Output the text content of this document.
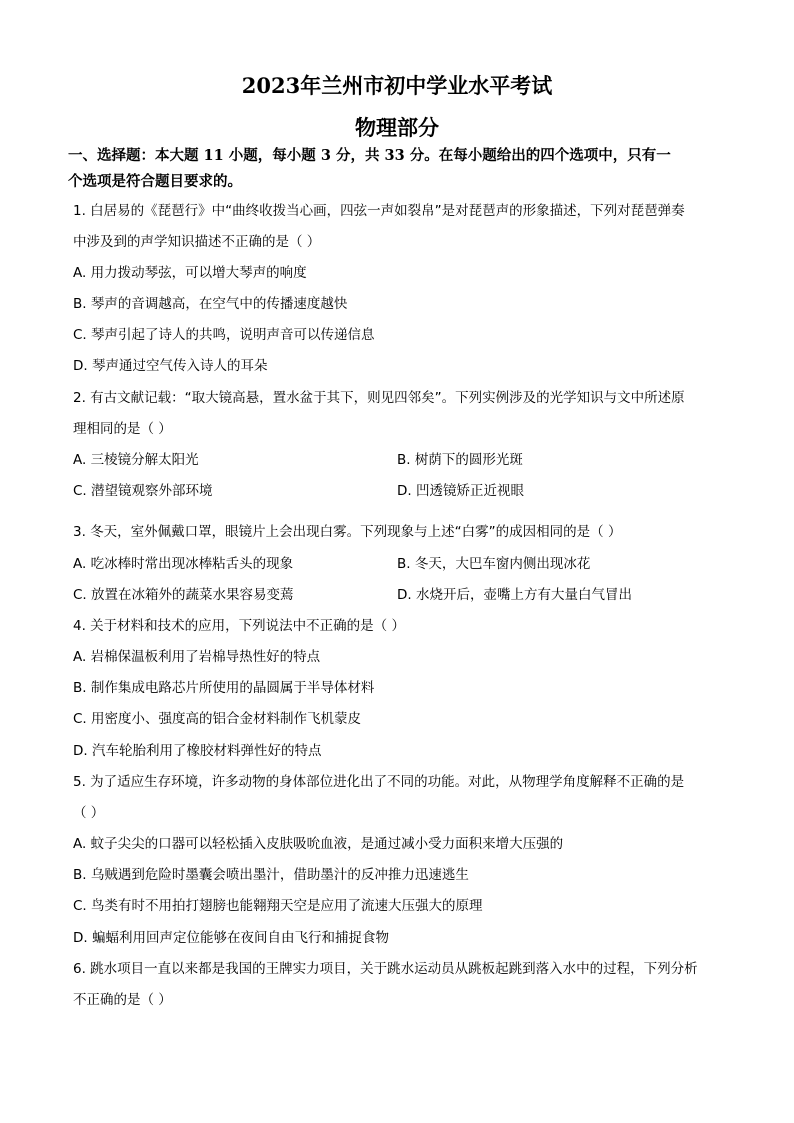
2023年兰州市初中学业水平考试
物理部分
一、选择题：本大题 11 小题，每小题 3 分，共 33 分。在每小题给出的四个选项中，只有一
个选项是符合题目要求的。
1. 白居易的《琵琶行》中“曲终收拨当心画，四弦一声如裂帛”是对琵琶声的形象描述，下列对琵琶弹奏
中涉及到的声学知识描述不正确的是（ ）
A. 用力拨动琴弦，可以增大琴声的响度
B. 琴声的音调越高，在空气中的传播速度越快
C. 琴声引起了诗人的共鸣，说明声音可以传递信息
D. 琴声通过空气传入诗人的耳朵
2. 有古文献记载：“取大镜高悬，置水盆于其下，则见四邻矣”。下列实例涉及的光学知识与文中所述原
理相同的是（ ）
A. 三棱镜分解太阳光	B. 树荫下的圆形光斑
C. 潜望镜观察外部环境	D. 凹透镜矫正近视眼
3. 冬天，室外佩戴口罩，眼镜片上会出现白雾。下列现象与上述“白雾”的成因相同的是（ ）
A. 吃冰棒时常出现冰棒粘舌头的现象	B. 冬天，大巴车窗内侧出现冰花
C. 放置在冰箱外的蔬菜水果容易变蔫	D. 水烧开后，壶嘴上方有大量白气冒出
4. 关于材料和技术的应用，下列说法中不正确的是（ ）
A. 岩棉保温板利用了岩棉导热性好的特点
B. 制作集成电路芯片所使用的晶圆属于半导体材料
C. 用密度小、强度高的铝合金材料制作飞机蒙皮
D. 汽车轮胎利用了橡胶材料弹性好的特点
5. 为了适应生存环境，许多动物的身体部位进化出了不同的功能。对此，从物理学角度解释不正确的是
（ ）
A. 蚊子尖尖的口器可以轻松插入皮肤吸吮血液，是通过减小受力面积来增大压强的
B. 乌贼遇到危险时墨囊会喷出墨汁，借助墨汁的反冲推力迅速逃生
C. 鸟类有时不用拍打翅膀也能翱翔天空是应用了流速大压强大的原理
D. 蝙蝠利用回声定位能够在夜间自由飞行和捕捉食物
6. 跳水项目一直以来都是我国的王牌实力项目，关于跳水运动员从跳板起跳到落入水中的过程，下列分析
不正确的是（ ）
